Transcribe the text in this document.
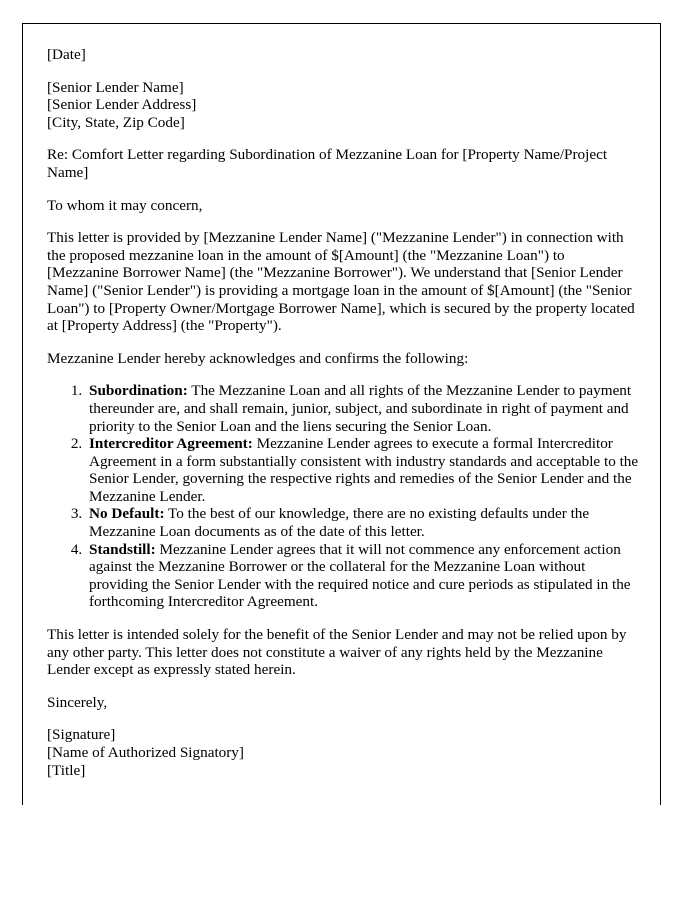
[Date]
[Senior Lender Name]
[Senior Lender Address]
[City, State, Zip Code]

Re: Comfort Letter regarding Subordination of Mezzanine Loan for [Property Name/Project Name]

To whom it may concern,

This letter is provided by [Mezzanine Lender Name] ("Mezzanine Lender") in connection with the proposed mezzanine loan in the amount of $[Amount] (the "Mezzanine Loan") to [Mezzanine Borrower Name] (the "Mezzanine Borrower"). We understand that [Senior Lender Name] ("Senior Lender") is providing a mortgage loan in the amount of $[Amount] (the "Senior Loan") to [Property Owner/Mortgage Borrower Name], which is secured by the property located at [Property Address] (the "Property").

Mezzanine Lender hereby acknowledges and confirms the following:

1. Subordination: The Mezzanine Loan and all rights of the Mezzanine Lender to payment thereunder are, and shall remain, junior, subject, and subordinate in right of payment and priority to the Senior Loan and the liens securing the Senior Loan.
2. Intercreditor Agreement: Mezzanine Lender agrees to execute a formal Intercreditor Agreement in a form substantially consistent with industry standards and acceptable to the Senior Lender, governing the respective rights and remedies of the Senior Lender and the Mezzanine Lender.
3. No Default: To the best of our knowledge, there are no existing defaults under the Mezzanine Loan documents as of the date of this letter.
4. Standstill: Mezzanine Lender agrees that it will not commence any enforcement action against the Mezzanine Borrower or the collateral for the Mezzanine Loan without providing the Senior Lender with the required notice and cure periods as stipulated in the forthcoming Intercreditor Agreement.

This letter is intended solely for the benefit of the Senior Lender and may not be relied upon by any other party. This letter does not constitute a waiver of any rights held by the Mezzanine Lender except as expressly stated herein.

Sincerely,

[Signature]
[Name of Authorized Signatory]
[Title]
